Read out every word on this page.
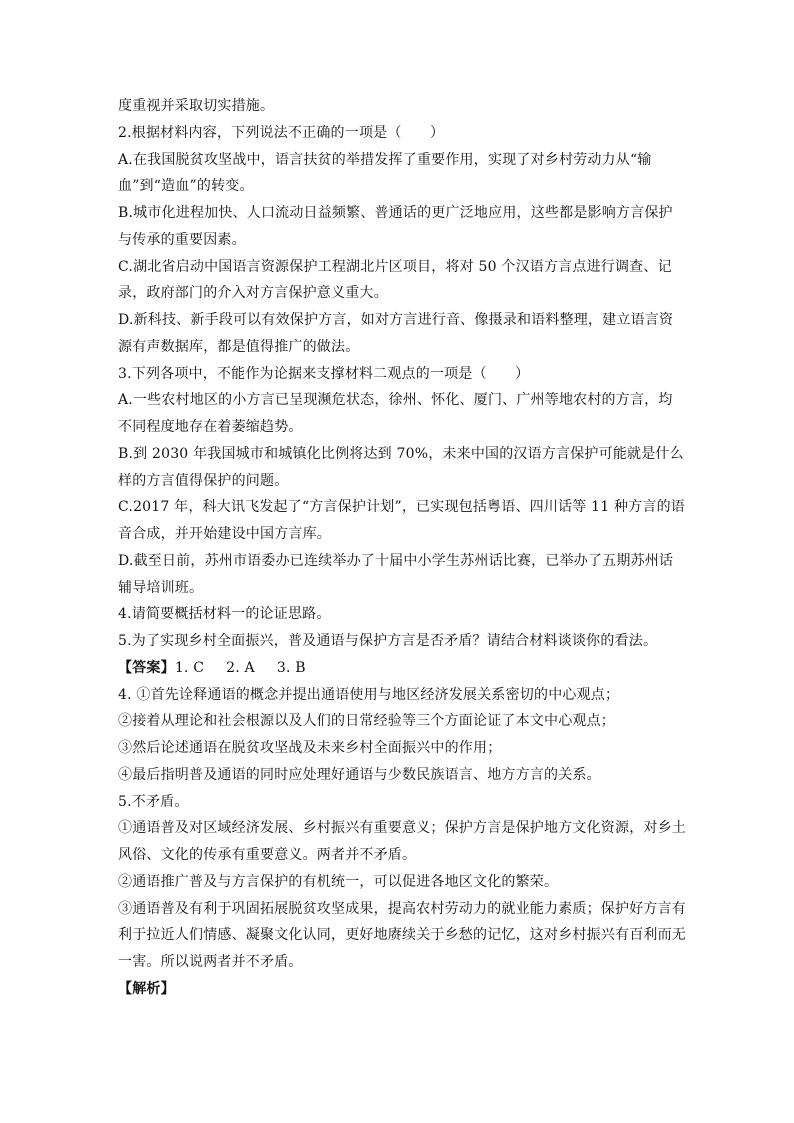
度重视并采取切实措施。
2.根据材料内容，下列说法不正确的一项是（　　）
A.在我国脱贫攻坚战中，语言扶贫的举措发挥了重要作用，实现了对乡村劳动力从“输
血”到“造血”的转变。
B.城市化进程加快、人口流动日益频繁、普通话的更广泛地应用，这些都是影响方言保护
与传承的重要因素。
C.湖北省启动中国语言资源保护工程湖北片区项目，将对 50 个汉语方言点进行调查、记
录，政府部门的介入对方言保护意义重大。
D.新科技、新手段可以有效保护方言，如对方言进行音、像摄录和语料整理，建立语言资
源有声数据库，都是值得推广的做法。
3.下列各项中，不能作为论据来支撑材料二观点的一项是（　　）
A.一些农村地区的小方言已呈现濒危状态，徐州、怀化、厦门、广州等地农村的方言，均
不同程度地存在着萎缩趋势。
B.到 2030 年我国城市和城镇化比例将达到 70%，未来中国的汉语方言保护可能就是什么
样的方言值得保护的问题。
C.2017 年，科大讯飞发起了“方言保护计划”，已实现包括粤语、四川话等 11 种方言的语
音合成，并开始建设中国方言库。
D.截至日前，苏州市语委办已连续举办了十届中小学生苏州话比赛，已举办了五期苏州话
辅导培训班。
4.请简要概括材料一的论证思路。
5.为了实现乡村全面振兴，普及通语与保护方言是否矛盾？请结合材料谈谈你的看法。
【答案】1. C 2. A 3. B
4. ①首先诠释通语的概念并提出通语使用与地区经济发展关系密切的中心观点；
②接着从理论和社会根源以及人们的日常经验等三个方面论证了本文中心观点；
③然后论述通语在脱贫攻坚战及未来乡村全面振兴中的作用；
④最后指明普及通语的同时应处理好通语与少数民族语言、地方方言的关系。
5.不矛盾。
①通语普及对区域经济发展、乡村振兴有重要意义；保护方言是保护地方文化资源，对乡土
风俗、文化的传承有重要意义。两者并不矛盾。
②通语推广普及与方言保护的有机统一，可以促进各地区文化的繁荣。
③通语普及有利于巩固拓展脱贫攻坚成果，提高农村劳动力的就业能力素质；保护好方言有
利于拉近人们情感、凝聚文化认同，更好地赓续关于乡愁的记忆，这对乡村振兴有百利而无
一害。所以说两者并不矛盾。
【解析】
